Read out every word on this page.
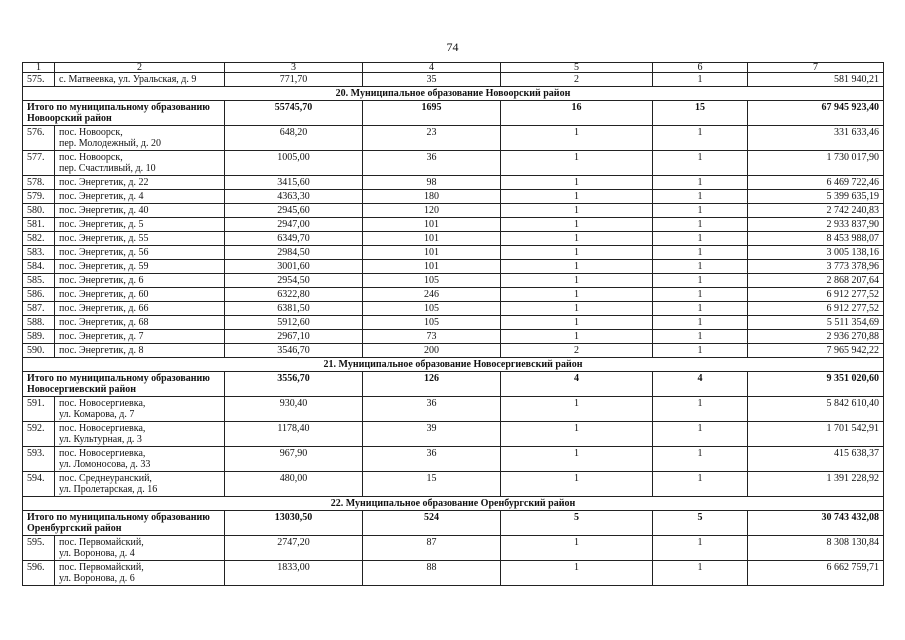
74
1	2	3	4	5	6	7
575.	с. Матвеевка, ул. Уральская, д. 9	771,70	35	2	1	581 940,21
20. Муниципальное образование Новоорский район						

Итого по муниципальному образованию
Новоорский район		55745,70	1695	16	15	67 945 923,40
576.	пос. Новоорск,
пер. Молодежный, д. 20	648,20	23	1	1	331 633,46
577.	пос. Новоорск,
пер. Счастливый, д. 10	1005,00	36	1	1	1 730 017,90
578.	пос. Энергетик, д. 22	3415,60	98	1	1	6 469 722,46
579.	пос. Энергетик, д. 4	4363,30	180	1	1	5 399 635,19
580.	пос. Энергетик, д. 40	2945,60	120	1	1	2 742 240,83
581.	пос. Энергетик, д. 5	2947,00	101	1	1	2 933 837,90
582.	пос. Энергетик, д. 55	6349,70	101	1	1	8 453 988,07
583.	пос. Энергетик, д. 56	2984,50	101	1	1	3 005 138,16
584.	пос. Энергетик, д. 59	3001,60	101	1	1	3 773 378,96
585.	пос. Энергетик, д. 6	2954,50	105	1	1	2 868 207,64
586.	пос. Энергетик, д. 60	6322,80	246	1	1	6 912 277,52
587.	пос. Энергетик, д. 66	6381,50	105	1	1	6 912 277,52
588.	пос. Энергетик, д. 68	5912,60	105	1	1	5 511 354,69
589.	пос. Энергетик, д. 7	2967,10	73	1	1	2 936 270,88
590.	пос. Энергетик, д. 8	3546,70	200	2	1	7 965 942,22
21. Муниципальное образование Новосергиевский район						

Итого по муниципальному образованию
Новосергиевский район		3556,70	126	4	4	9 351 020,60
591.	пос. Новосергиевка,
ул. Комарова, д. 7	930,40	36	1	1	5 842 610,40
592.	пос. Новосергиевка,
ул. Культурная, д. 3	1178,40	39	1	1	1 701 542,91
593.	пос. Новосергиевка,
ул. Ломоносова, д. 33	967,90	36	1	1	415 638,37
594.	пос. Среднеуранский,
ул. Пролетарская, д. 16	480,00	15	1	1	1 391 228,92
22. Муниципальное образование Оренбургский район						

Итого по муниципальному образованию
Оренбургский район		13030,50	524	5	5	30 743 432,08
595.	пос. Первомайский,
ул. Воронова, д. 4	2747,20	87	1	1	8 308 130,84
596.	пос. Первомайский,
ул. Воронова, д. 6	1833,00	88	1	1	6 662 759,71
